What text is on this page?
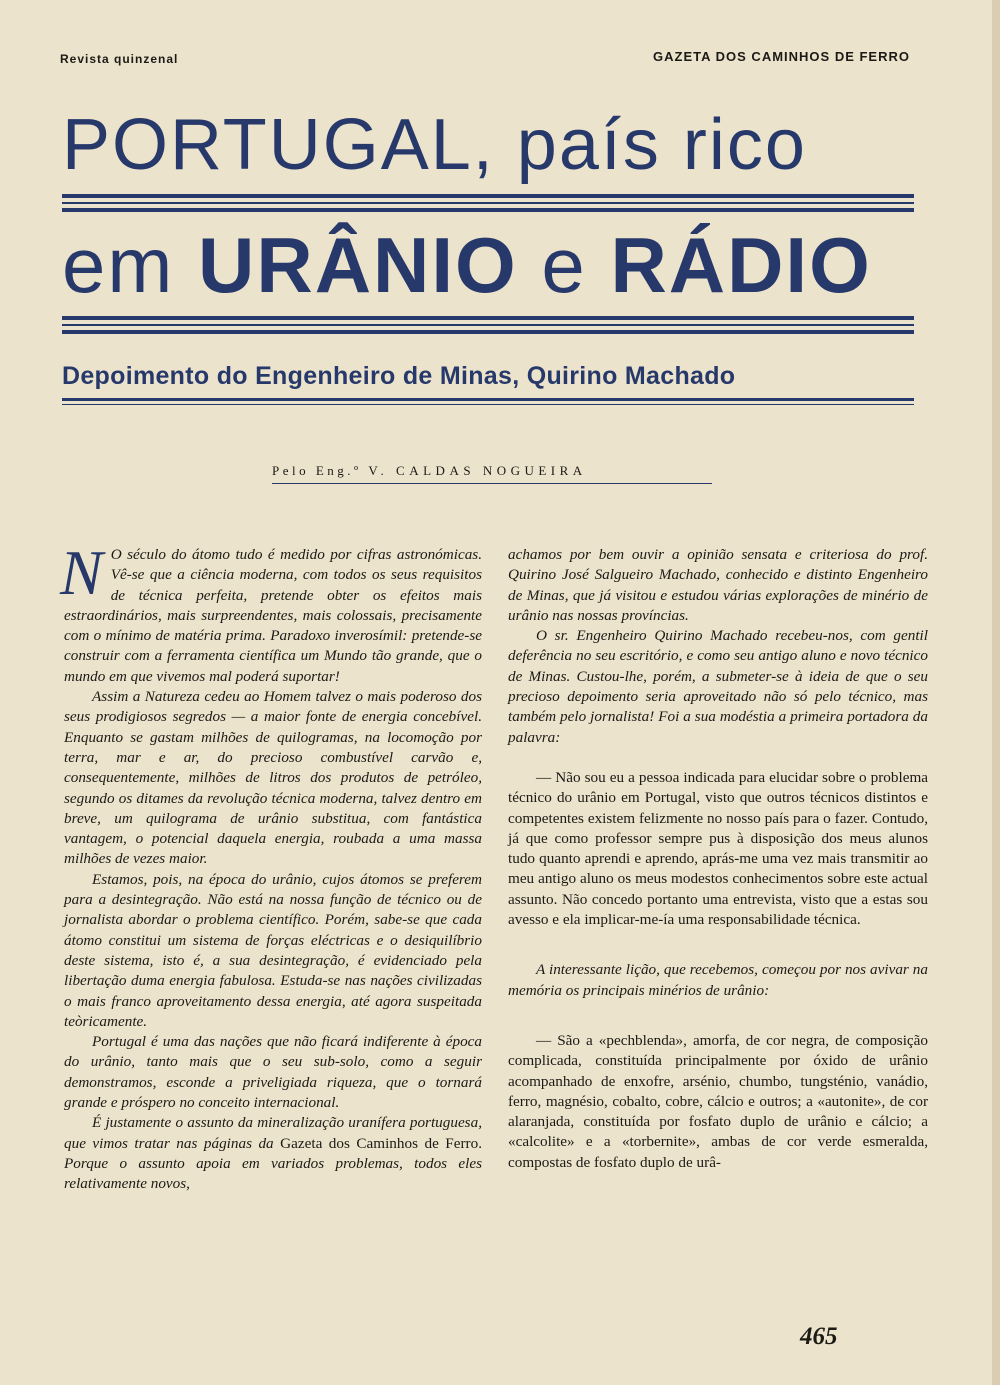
Revista quinzenal	GAZETA DOS CAMINHOS DE FERRO
PORTUGAL, país rico
em URÂNIO e RÁDIO
Depoimento do Engenheiro de Minas, Quirino Machado
Pelo Eng.º V. CALDAS NOGUEIRA

N O século do átomo tudo é medido por cifras astronómicas. Vê-se que a ciência moderna, com todos os seus requisitos de técnica perfeita, pretende obter os efeitos mais estraordinários, mais surpreendentes, mais colossais, precisamente com o mínimo de matéria prima. Paradoxo inverosímil: pretende-se construir com a ferramenta científica um Mundo tão grande, que o mundo em que vivemos mal poderá suportar!

Assim a Natureza cedeu ao Homem talvez o mais poderoso dos seus prodigiosos segredos — a maior fonte de energia concebível. Enquanto se gastam milhões de quilogramas, na locomoção por terra, mar e ar, do precioso combustível carvão e, consequentemente, milhões de litros dos produtos de petróleo, segundo os ditames da revolução técnica moderna, talvez dentro em breve, um quilograma de urânio substitua, com fantástica vantagem, o potencial daquela energia, roubada a uma massa milhões de vezes maior.

Estamos, pois, na época do urânio, cujos átomos se preferem para a desintegração. Não está na nossa função de técnico ou de jornalista abordar o problema científico. Porém, sabe-se que cada átomo constitui um sistema de forças eléctricas e o desiquilíbrio deste sistema, isto é, a sua desintegração, é evidenciado pela libertação duma energia fabulosa. Estuda-se nas nações civilizadas o mais franco aproveitamento dessa energia, até agora suspeitada teòricamente.

Portugal é uma das nações que não ficará indiferente à época do urânio, tanto mais que o seu sub-solo, como a seguir demonstramos, esconde a priveligiada riqueza, que o tornará grande e próspero no conceito internacional.

É justamente o assunto da mineralização uranífera portuguesa, que vimos tratar nas páginas da Gazeta dos Caminhos de Ferro. Porque o assunto apoia em variados problemas, todos eles relativamente novos,

achamos por bem ouvir a opinião sensata e criteriosa do prof. Quirino José Salgueiro Machado, conhecido e distinto Engenheiro de Minas, que já visitou e estudou várias explorações de minério de urânio nas nossas províncias.

O sr. Engenheiro Quirino Machado recebeu-nos, com gentil deferência no seu escritório, e como seu antigo aluno e novo técnico de Minas. Custou-lhe, porém, a submeter-se à ideia de que o seu precioso depoimento seria aproveitado não só pelo técnico, mas também pelo jornalista! Foi a sua modéstia a primeira portadora da palavra:

— Não sou eu a pessoa indicada para elucidar sobre o problema técnico do urânio em Portugal, visto que outros técnicos distintos e competentes existem felizmente no nosso país para o fazer. Contudo, já que como professor sempre pus à disposição dos meus alunos tudo quanto aprendi e aprendo, aprás-me uma vez mais transmitir ao meu antigo aluno os meus modestos conhecimentos sobre este actual assunto. Não concedo portanto uma entrevista, visto que a estas sou avesso e ela implicar-me-ía uma responsabilidade técnica.

A interessante lição, que recebemos, começou por nos avivar na memória os principais minérios de urânio:

— São a «pechblenda», amorfa, de cor negra, de composição complicada, constituída principalmente por óxido de urânio acompanhado de enxofre, arsénio, chumbo, tungsténio, vanádio, ferro, magnésio, cobalto, cobre, cálcio e outros; a «autonite», de cor alaranjada, constituída por fosfato duplo de urânio e cálcio; a «calcolite» e a «torbernite», ambas de cor verde esmeralda, compostas de fosfato duplo de urâ-

465
